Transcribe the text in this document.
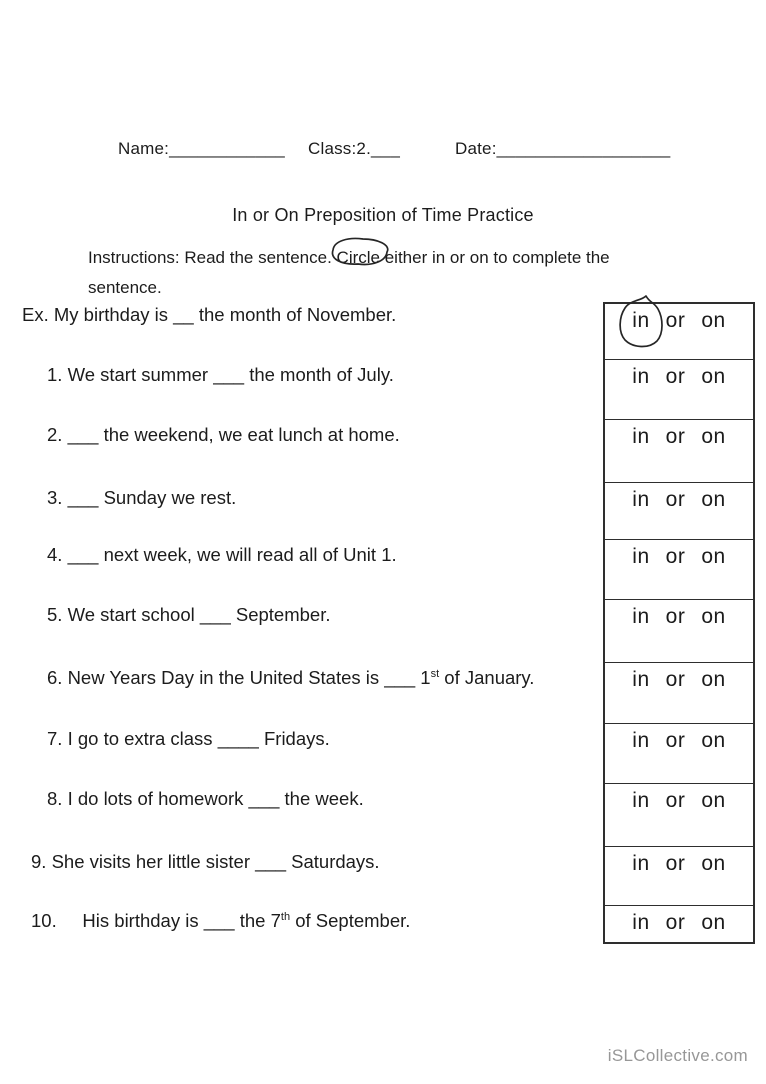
Name:____________ Class:2.___	Date:__________________
In or On Preposition of Time Practice
Instructions: Read the sentence.
Circle either in or on to complete the
sentence.
Ex. My birthday is __ the month of November.
1. We start summer ___ the month of July.
2. ___ the weekend, we eat lunch at home.
3. ___ Sunday we rest.
4. ___ next week, we will read all of Unit 1.
5. We start school ___ September.
6. New Years Day in the United States is ___ 1st of January.
7. I go to extra class ____ Fridays.
8. I do lots of homework ___ the week.
9. She visits her little sister ___ Saturdays.
10.     His birthday is ___ the 7th of September.
in or on
in or on
in or on
in or on
in or on
in or on
in or on
in or on
in or on
in or on
in or on
iSLCollective.com
